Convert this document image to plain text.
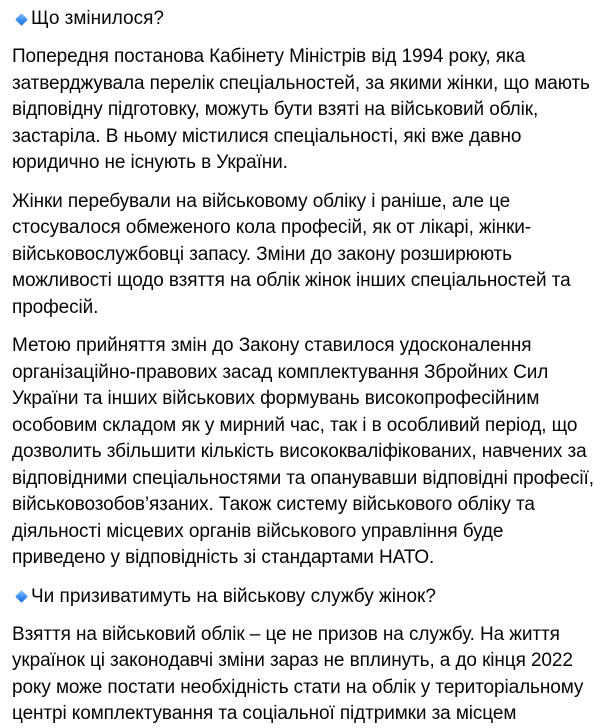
Що змінилося?
Попередня постанова Кабінету Міністрів від 1994 року, яка
затверджувала перелік спеціальностей, за якими жінки, що мають
відповідну підготовку, можуть бути взяті на військовий облік,
застаріла. В ньому містилися спеціальності, які вже давно
юридично не існують в України.
Жінки перебували на військовому обліку і раніше, але це
стосувалося обмеженого кола професій, як от лікарі, жінки-
військовослужбовці запасу. Зміни до закону розширюють
можливості щодо взяття на облік жінок інших спеціальностей та
професій.
Метою прийняття змін до Закону ставилося удосконалення
організаційно-правових засад комплектування Збройних Сил
України та інших військових формувань високопрофесійним
особовим складом як у мирний час, так і в особливий період, що
дозволить збільшити кількість висококваліфікованих, навчених за
відповідними спеціальностями та опанувавши відповідні професії,
військовозобов’язаних. Також систему військового обліку та
діяльності місцевих органів військового управління буде
приведено у відповідність зі стандартами НАТО.
Чи призиватимуть на військову службу жінок?
Взяття на військовий облік – це не призов на службу. На життя
українок ці законодавчі зміни зараз не вплинуть, а до кінця 2022
року може постати необхідність стати на облік у територіальному
центрі комплектування та соціальної підтримки за місцем
